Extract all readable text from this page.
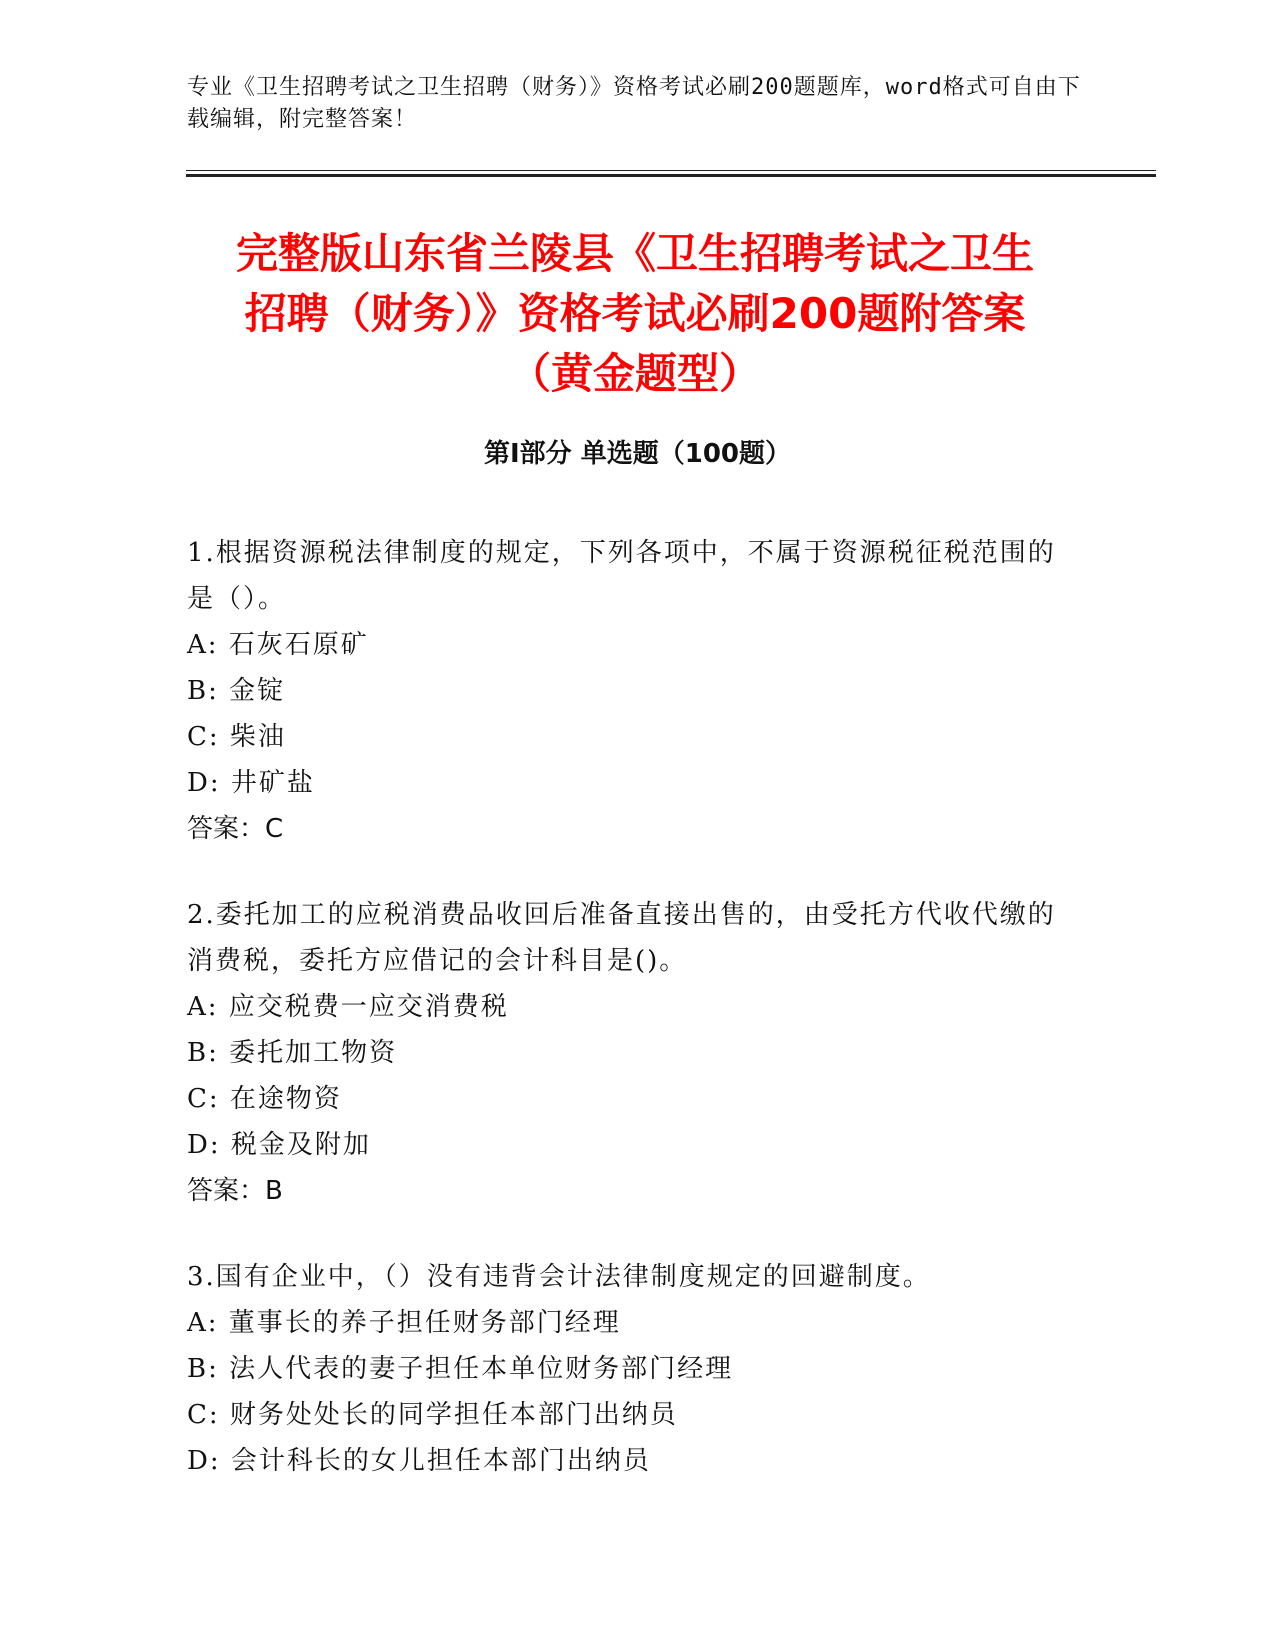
专业《卫生招聘考试之卫生招聘（财务）》资格考试必刷200题题库，word格式可自由下载编辑，附完整答案！
完整版山东省兰陵县《卫生招聘考试之卫生
招聘（财务）》资格考试必刷200题附答案
（黄金题型）
第I部分 单选题（100题）
1.根据资源税法律制度的规定，下列各项中，不属于资源税征税范围的是（）。
A: 石灰石原矿
B: 金锭
C: 柴油
D: 井矿盐
答案：C
2.委托加工的应税消费品收回后准备直接出售的，由受托方代收代缴的消费税，委托方应借记的会计科目是()。
A: 应交税费一应交消费税
B: 委托加工物资
C: 在途物资
D: 税金及附加
答案：B
3.国有企业中，（）没有违背会计法律制度规定的回避制度。
A: 董事长的养子担任财务部门经理
B: 法人代表的妻子担任本单位财务部门经理
C: 财务处处长的同学担任本部门出纳员
D: 会计科长的女儿担任本部门出纳员
